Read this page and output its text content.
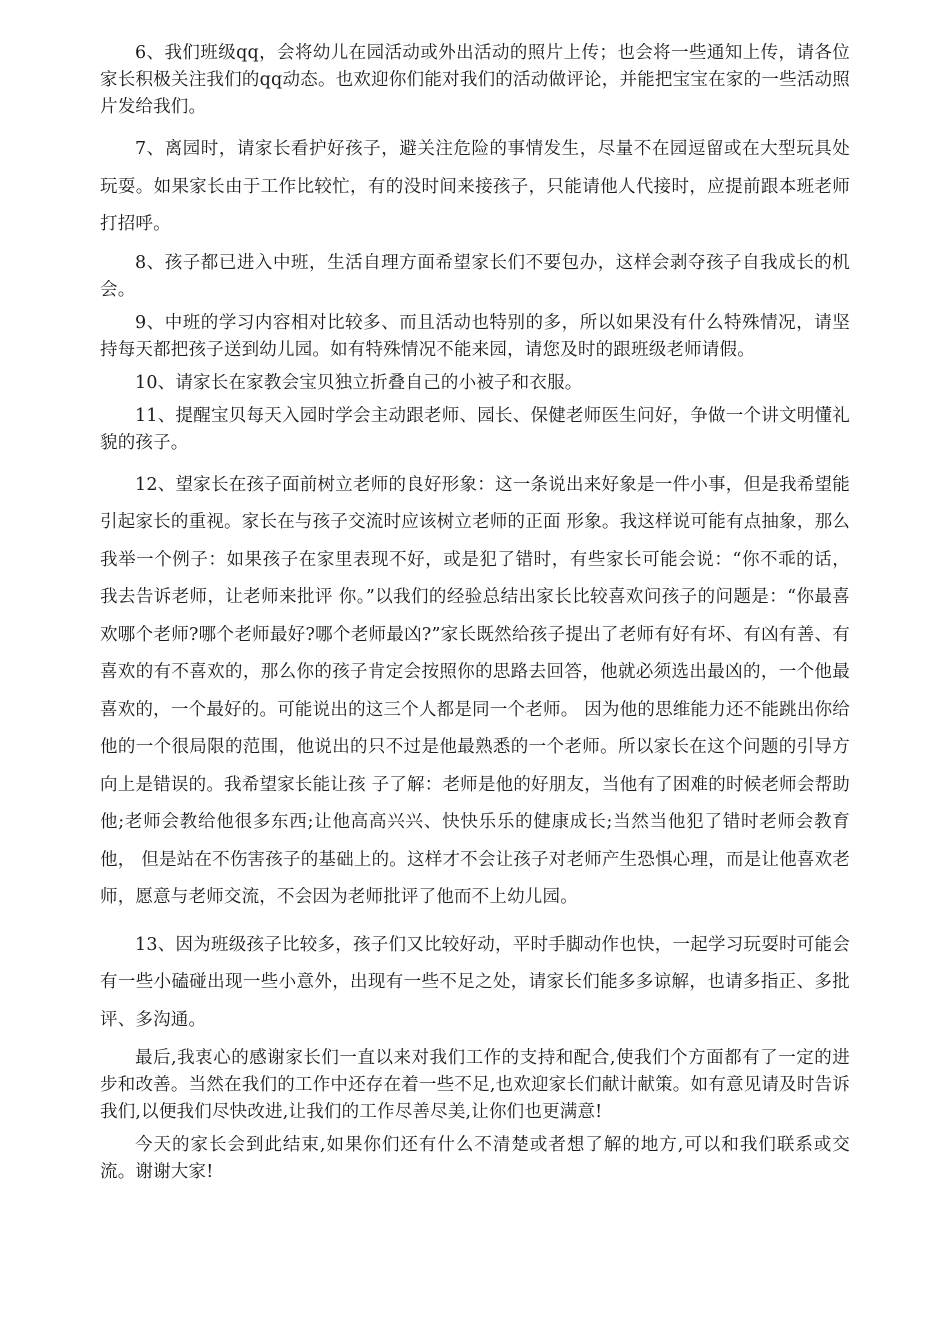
6、我们班级qq，会将幼儿在园活动或外出活动的照片上传；也会将一些通知上传，请各位家长积极关注我们的qq动态。也欢迎你们能对我们的活动做评论，并能把宝宝在家的一些活动照片发给我们。

7、离园时，请家长看护好孩子，避关注危险的事情发生，尽量不在园逗留或在大型玩具处玩耍。如果家长由于工作比较忙，有的没时间来接孩子，只能请他人代接时，应提前跟本班老师打招呼。

8、孩子都已进入中班，生活自理方面希望家长们不要包办，这样会剥夺孩子自我成长的机会。

9、中班的学习内容相对比较多、而且活动也特别的多，所以如果没有什么特殊情况，请坚持每天都把孩子送到幼儿园。如有特殊情况不能来园，请您及时的跟班级老师请假。

10、请家长在家教会宝贝独立折叠自己的小被子和衣服。

11、提醒宝贝每天入园时学会主动跟老师、园长、保健老师医生问好，争做一个讲文明懂礼貌的孩子。

12、望家长在孩子面前树立老师的良好形象：这一条说出来好象是一件小事，但是我希望能引起家长的重视。家长在与孩子交流时应该树立老师的正面 形象。我这样说可能有点抽象，那么我举一个例子：如果孩子在家里表现不好，或是犯了错时，有些家长可能会说：“你不乖的话，我去告诉老师，让老师来批评 你。”以我们的经验总结出家长比较喜欢问孩子的问题是：“你最喜欢哪个老师?哪个老师最好?哪个老师最凶?”家长既然给孩子提出了老师有好有坏、有凶有善、有喜欢的有不喜欢的，那么你的孩子肯定会按照你的思路去回答，他就必须选出最凶的，一个他最喜欢的，一个最好的。可能说出的这三个人都是同一个老师。 因为他的思维能力还不能跳出你给他的一个很局限的范围，他说出的只不过是他最熟悉的一个老师。所以家长在这个问题的引导方向上是错误的。我希望家长能让孩 子了解：老师是他的好朋友，当他有了困难的时候老师会帮助他;老师会教给他很多东西;让他高高兴兴、快快乐乐的健康成长;当然当他犯了错时老师会教育他， 但是站在不伤害孩子的基础上的。这样才不会让孩子对老师产生恐惧心理，而是让他喜欢老师，愿意与老师交流，不会因为老师批评了他而不上幼儿园。

13、因为班级孩子比较多，孩子们又比较好动，平时手脚动作也快，一起学习玩耍时可能会有一些小磕碰出现一些小意外，出现有一些不足之处，请家长们能多多谅解，也请多指正、多批评、多沟通。

最后,我衷心的感谢家长们一直以来对我们工作的支持和配合,使我们个方面都有了一定的进步和改善。当然在我们的工作中还存在着一些不足,也欢迎家长们献计献策。如有意见请及时告诉我们,以便我们尽快改进,让我们的工作尽善尽美,让你们也更满意!

今天的家长会到此结束,如果你们还有什么不清楚或者想了解的地方,可以和我们联系或交流。谢谢大家!
